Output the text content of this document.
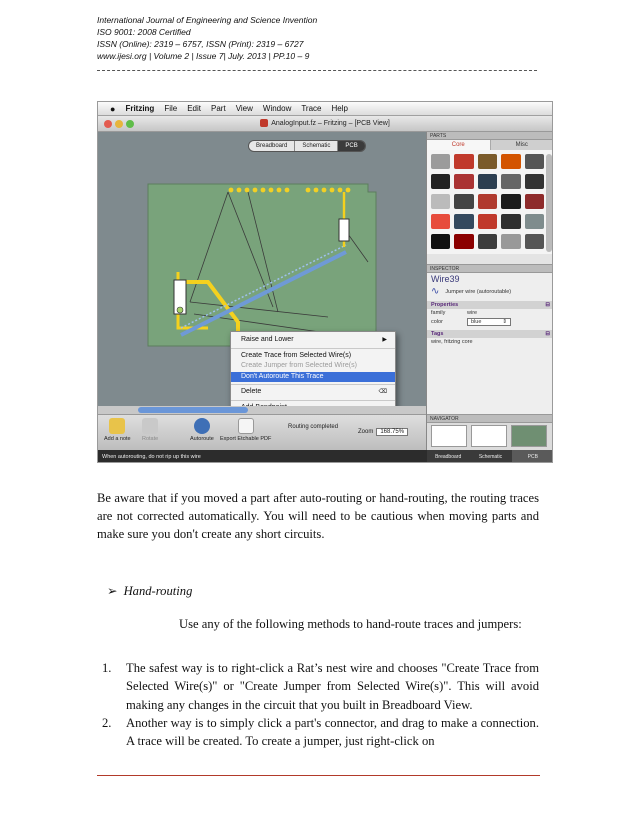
International Journal of Engineering and Science Invention
ISO 9001: 2008 Certified
ISSN (Online): 2319 – 6757, ISSN (Print): 2319 – 6727
www.ijesi.org | Volume 2 | Issue 7| July. 2013 | PP.10 – 9
●	Fritzing	File	Edit	Part	View	Window	Trace	Help
AnalogInput.fz – Fritzing – [PCB View]
Breadboard	Schematic	PCB
Raise and Lower	▶
Create Trace from Selected Wire(s)
Create Jumper from Selected Wire(s)
Don't Autoroute This Trace
Delete	⌫
Add a note Rotate	Autoroute Export Etchable PDF
Routing completed
Zoom	168.75%
When autorouting, do not rip up this wire
PARTS
Core	Misc
INSPECTOR
Wire39
∿ Jumper wire (autoroutable)
Properties	⊟
family	wire
color	blue	⇕
Tags	⊟
wire, fritzing core
NAVIGATOR
Breadboard	Schematic	PCB

Be aware that if you moved a part after auto-routing or hand-routing, the routing traces are not corrected automatically. You will need to be cautious when moving parts and make sure you don't create any short circuits.

➢ Hand-routing

Use any of the following methods to hand-route traces and jumpers:

1.	The safest way is to right-click a Rat’s nest wire and chooses "Create Trace from Selected Wire(s)" or "Create Jumper from Selected Wire(s)". This will avoid making any changes in the circuit that you built in Breadboard View.
2.	Another way is to simply click a part's connector, and drag to make a connection. A trace will be created. To create a jumper, just right-click on
